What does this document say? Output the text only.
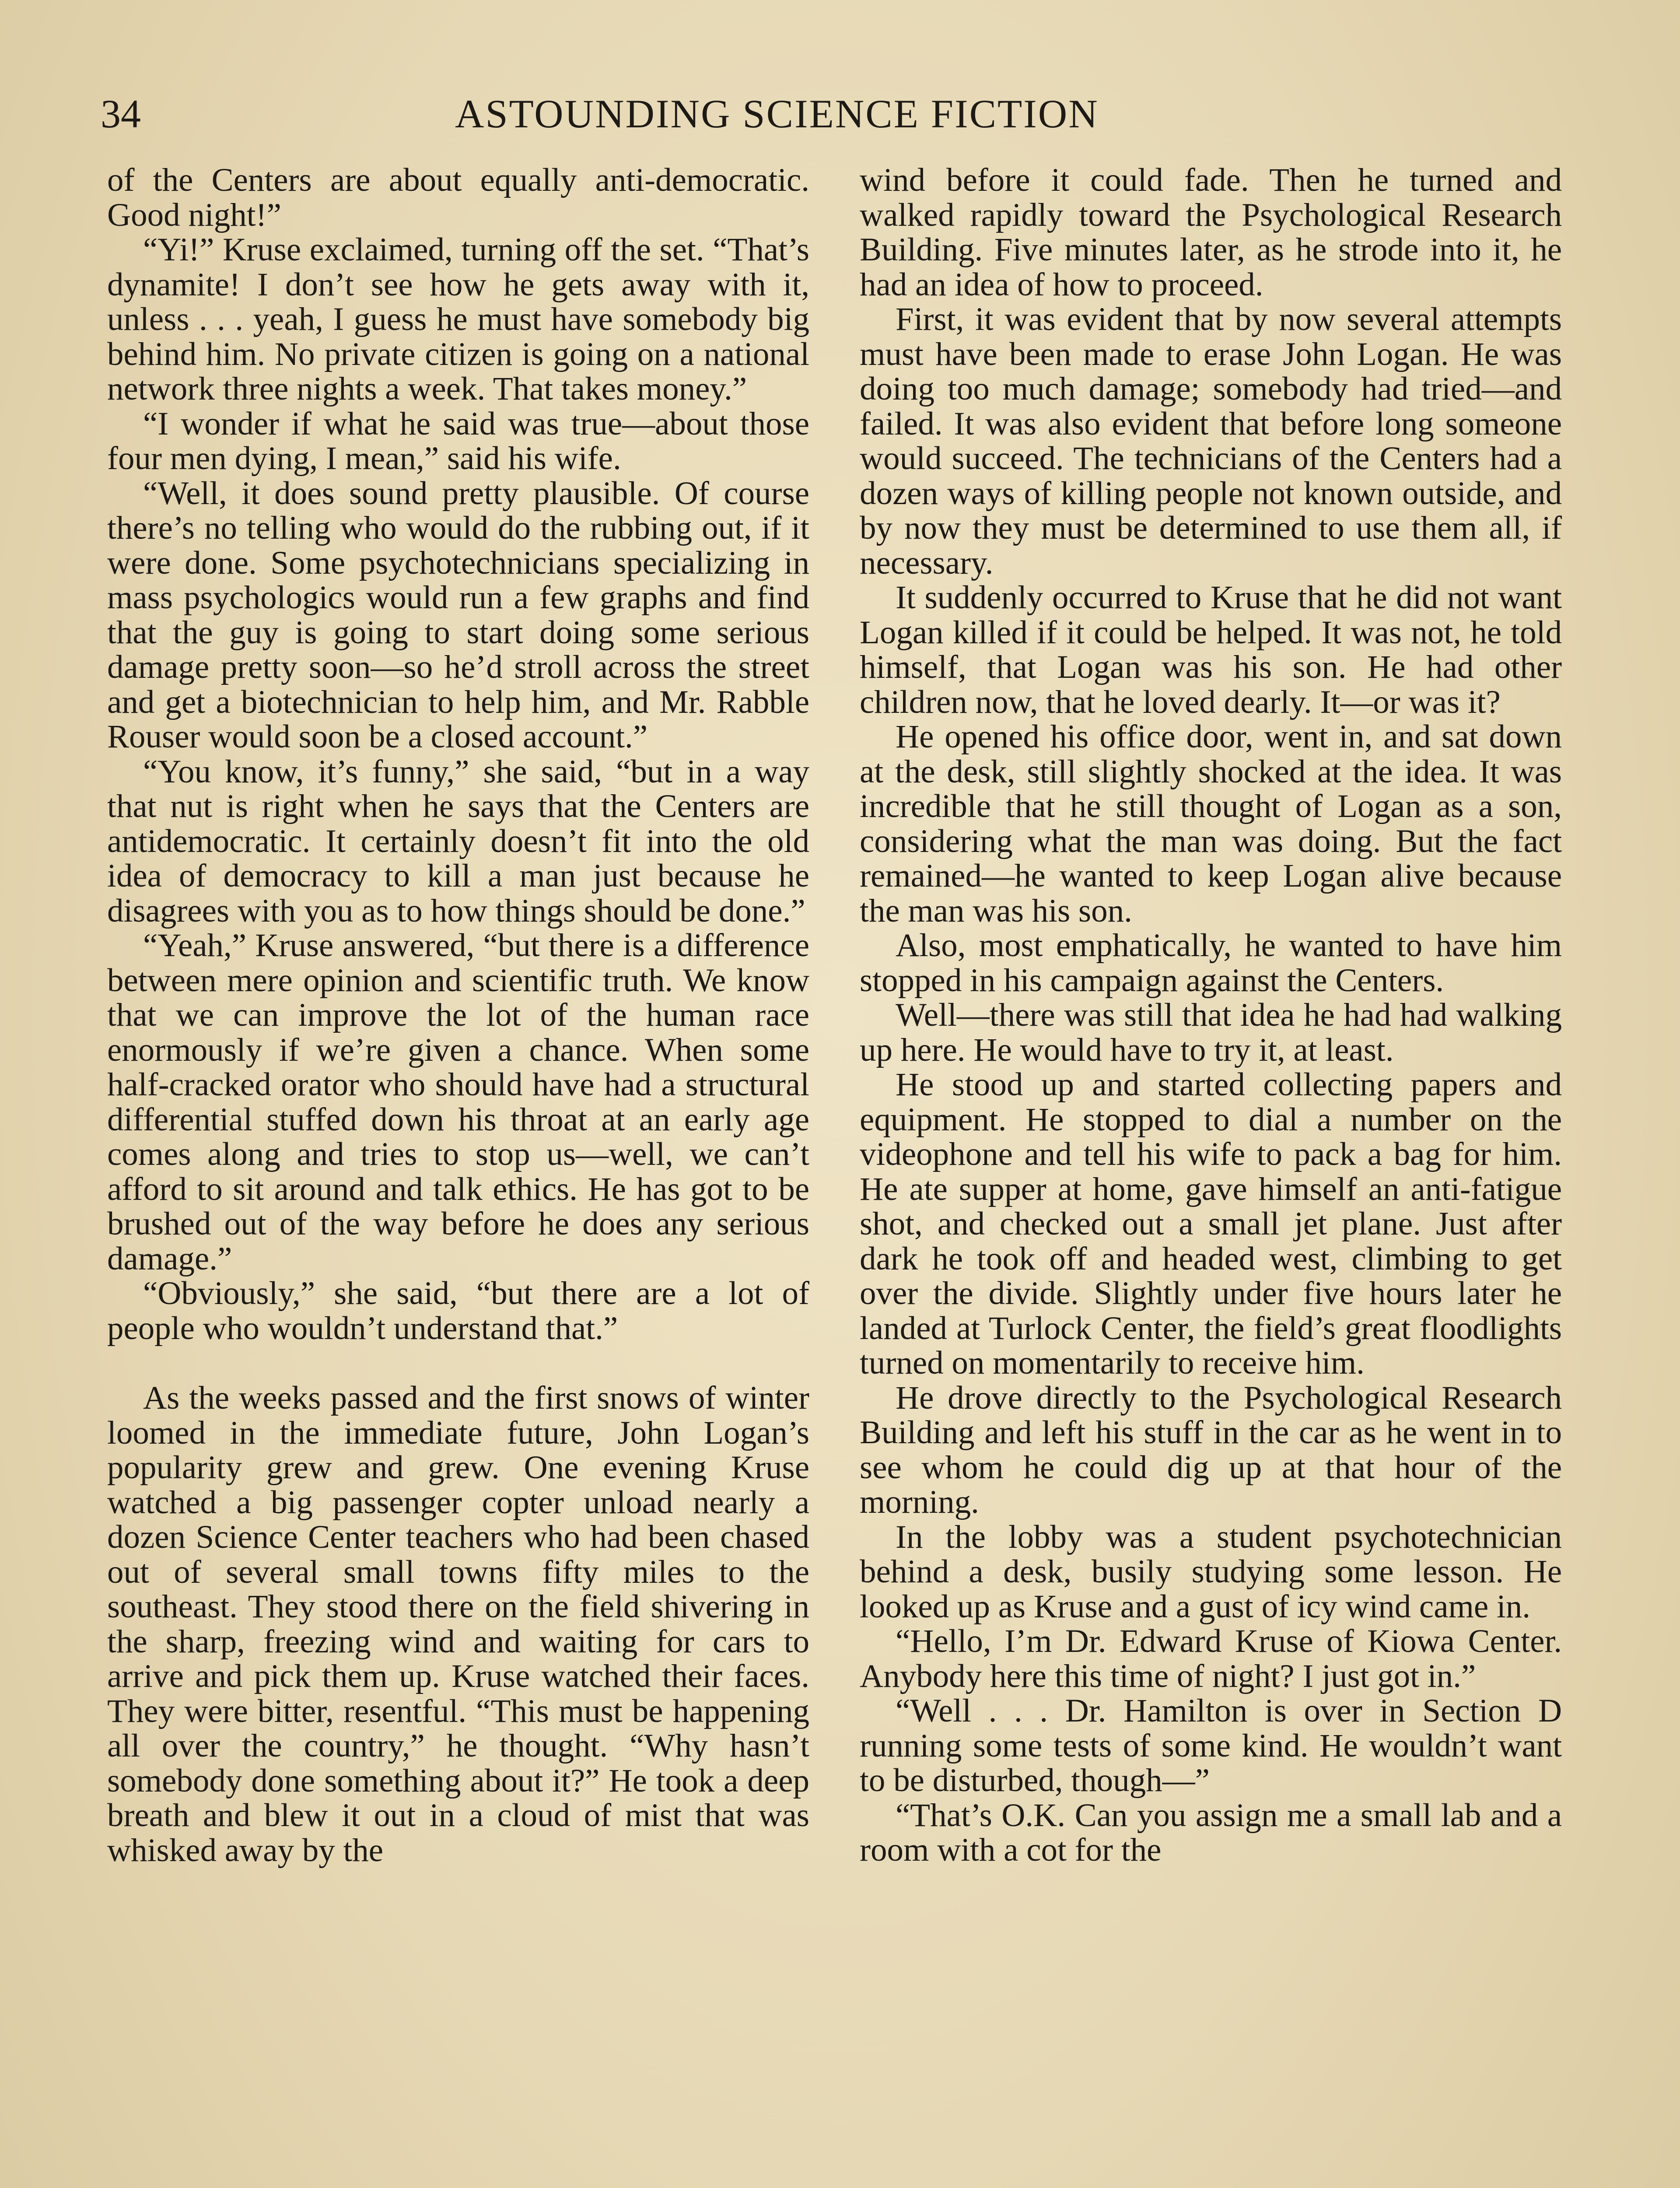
34	ASTOUNDING SCIENCE FICTION

of the Centers are about equally anti-democratic. Good night!”

“Yi!” Kruse exclaimed, turning off the set. “That’s dynamite! I don’t see how he gets away with it, unless . . . yeah, I guess he must have somebody big behind him. No private citizen is going on a national network three nights a week. That takes money.”

“I wonder if what he said was true—about those four men dying, I mean,” said his wife.

“Well, it does sound pretty plausible. Of course there’s no telling who would do the rubbing out, if it were done. Some psychotechnicians specializing in mass psychologics would run a few graphs and find that the guy is going to start doing some serious damage pretty soon—so he’d stroll across the street and get a biotechnician to help him, and Mr. Rabble Rouser would soon be a closed account.”

“You know, it’s funny,” she said, “but in a way that nut is right when he says that the Centers are antidemocratic. It certainly doesn’t fit into the old idea of democracy to kill a man just because he disagrees with you as to how things should be done.”

“Yeah,” Kruse answered, “but there is a difference between mere opinion and scientific truth. We know that we can improve the lot of the human race enormously if we’re given a chance. When some half-cracked orator who should have had a structural differential stuffed down his throat at an early age comes along and tries to stop us—well, we can’t afford to sit around and talk ethics. He has got to be brushed out of the way before he does any serious damage.”

“Obviously,” she said, “but there are a lot of people who wouldn’t understand that.”

As the weeks passed and the first snows of winter loomed in the immediate future, John Logan’s popularity grew and grew. One evening Kruse watched a big passenger copter unload nearly a dozen Science Center teachers who had been chased out of several small towns fifty miles to the southeast. They stood there on the field shivering in the sharp, freezing wind and waiting for cars to arrive and pick them up. Kruse watched their faces. They were bitter, resentful. “This must be happening all over the country,” he thought. “Why hasn’t somebody done something about it?” He took a deep breath and blew it out in a cloud of mist that was whisked away by the

wind before it could fade. Then he turned and walked rapidly toward the Psychological Research Building. Five minutes later, as he strode into it, he had an idea of how to proceed.

First, it was evident that by now several attempts must have been made to erase John Logan. He was doing too much damage; somebody had tried—and failed. It was also evident that before long someone would succeed. The technicians of the Centers had a dozen ways of killing people not known outside, and by now they must be determined to use them all, if necessary.

It suddenly occurred to Kruse that he did not want Logan killed if it could be helped. It was not, he told himself, that Logan was his son. He had other children now, that he loved dearly. It—or was it?

He opened his office door, went in, and sat down at the desk, still slightly shocked at the idea. It was incredible that he still thought of Logan as a son, considering what the man was doing. But the fact remained—he wanted to keep Logan alive because the man was his son.

Also, most emphatically, he wanted to have him stopped in his campaign against the Centers.

Well—there was still that idea he had had walking up here. He would have to try it, at least.

He stood up and started collecting papers and equipment. He stopped to dial a number on the videophone and tell his wife to pack a bag for him. He ate supper at home, gave himself an anti-fatigue shot, and checked out a small jet plane. Just after dark he took off and headed west, climbing to get over the divide. Slightly under five hours later he landed at Turlock Center, the field’s great floodlights turned on momentarily to receive him.

He drove directly to the Psychological Research Building and left his stuff in the car as he went in to see whom he could dig up at that hour of the morning.

In the lobby was a student psychotechnician behind a desk, busily studying some lesson. He looked up as Kruse and a gust of icy wind came in.

“Hello, I’m Dr. Edward Kruse of Kiowa Center. Anybody here this time of night? I just got in.”

“Well . . . Dr. Hamilton is over in Section D running some tests of some kind. He wouldn’t want to be disturbed, though—”

“That’s O.K. Can you assign me a small lab and a room with a cot for the
